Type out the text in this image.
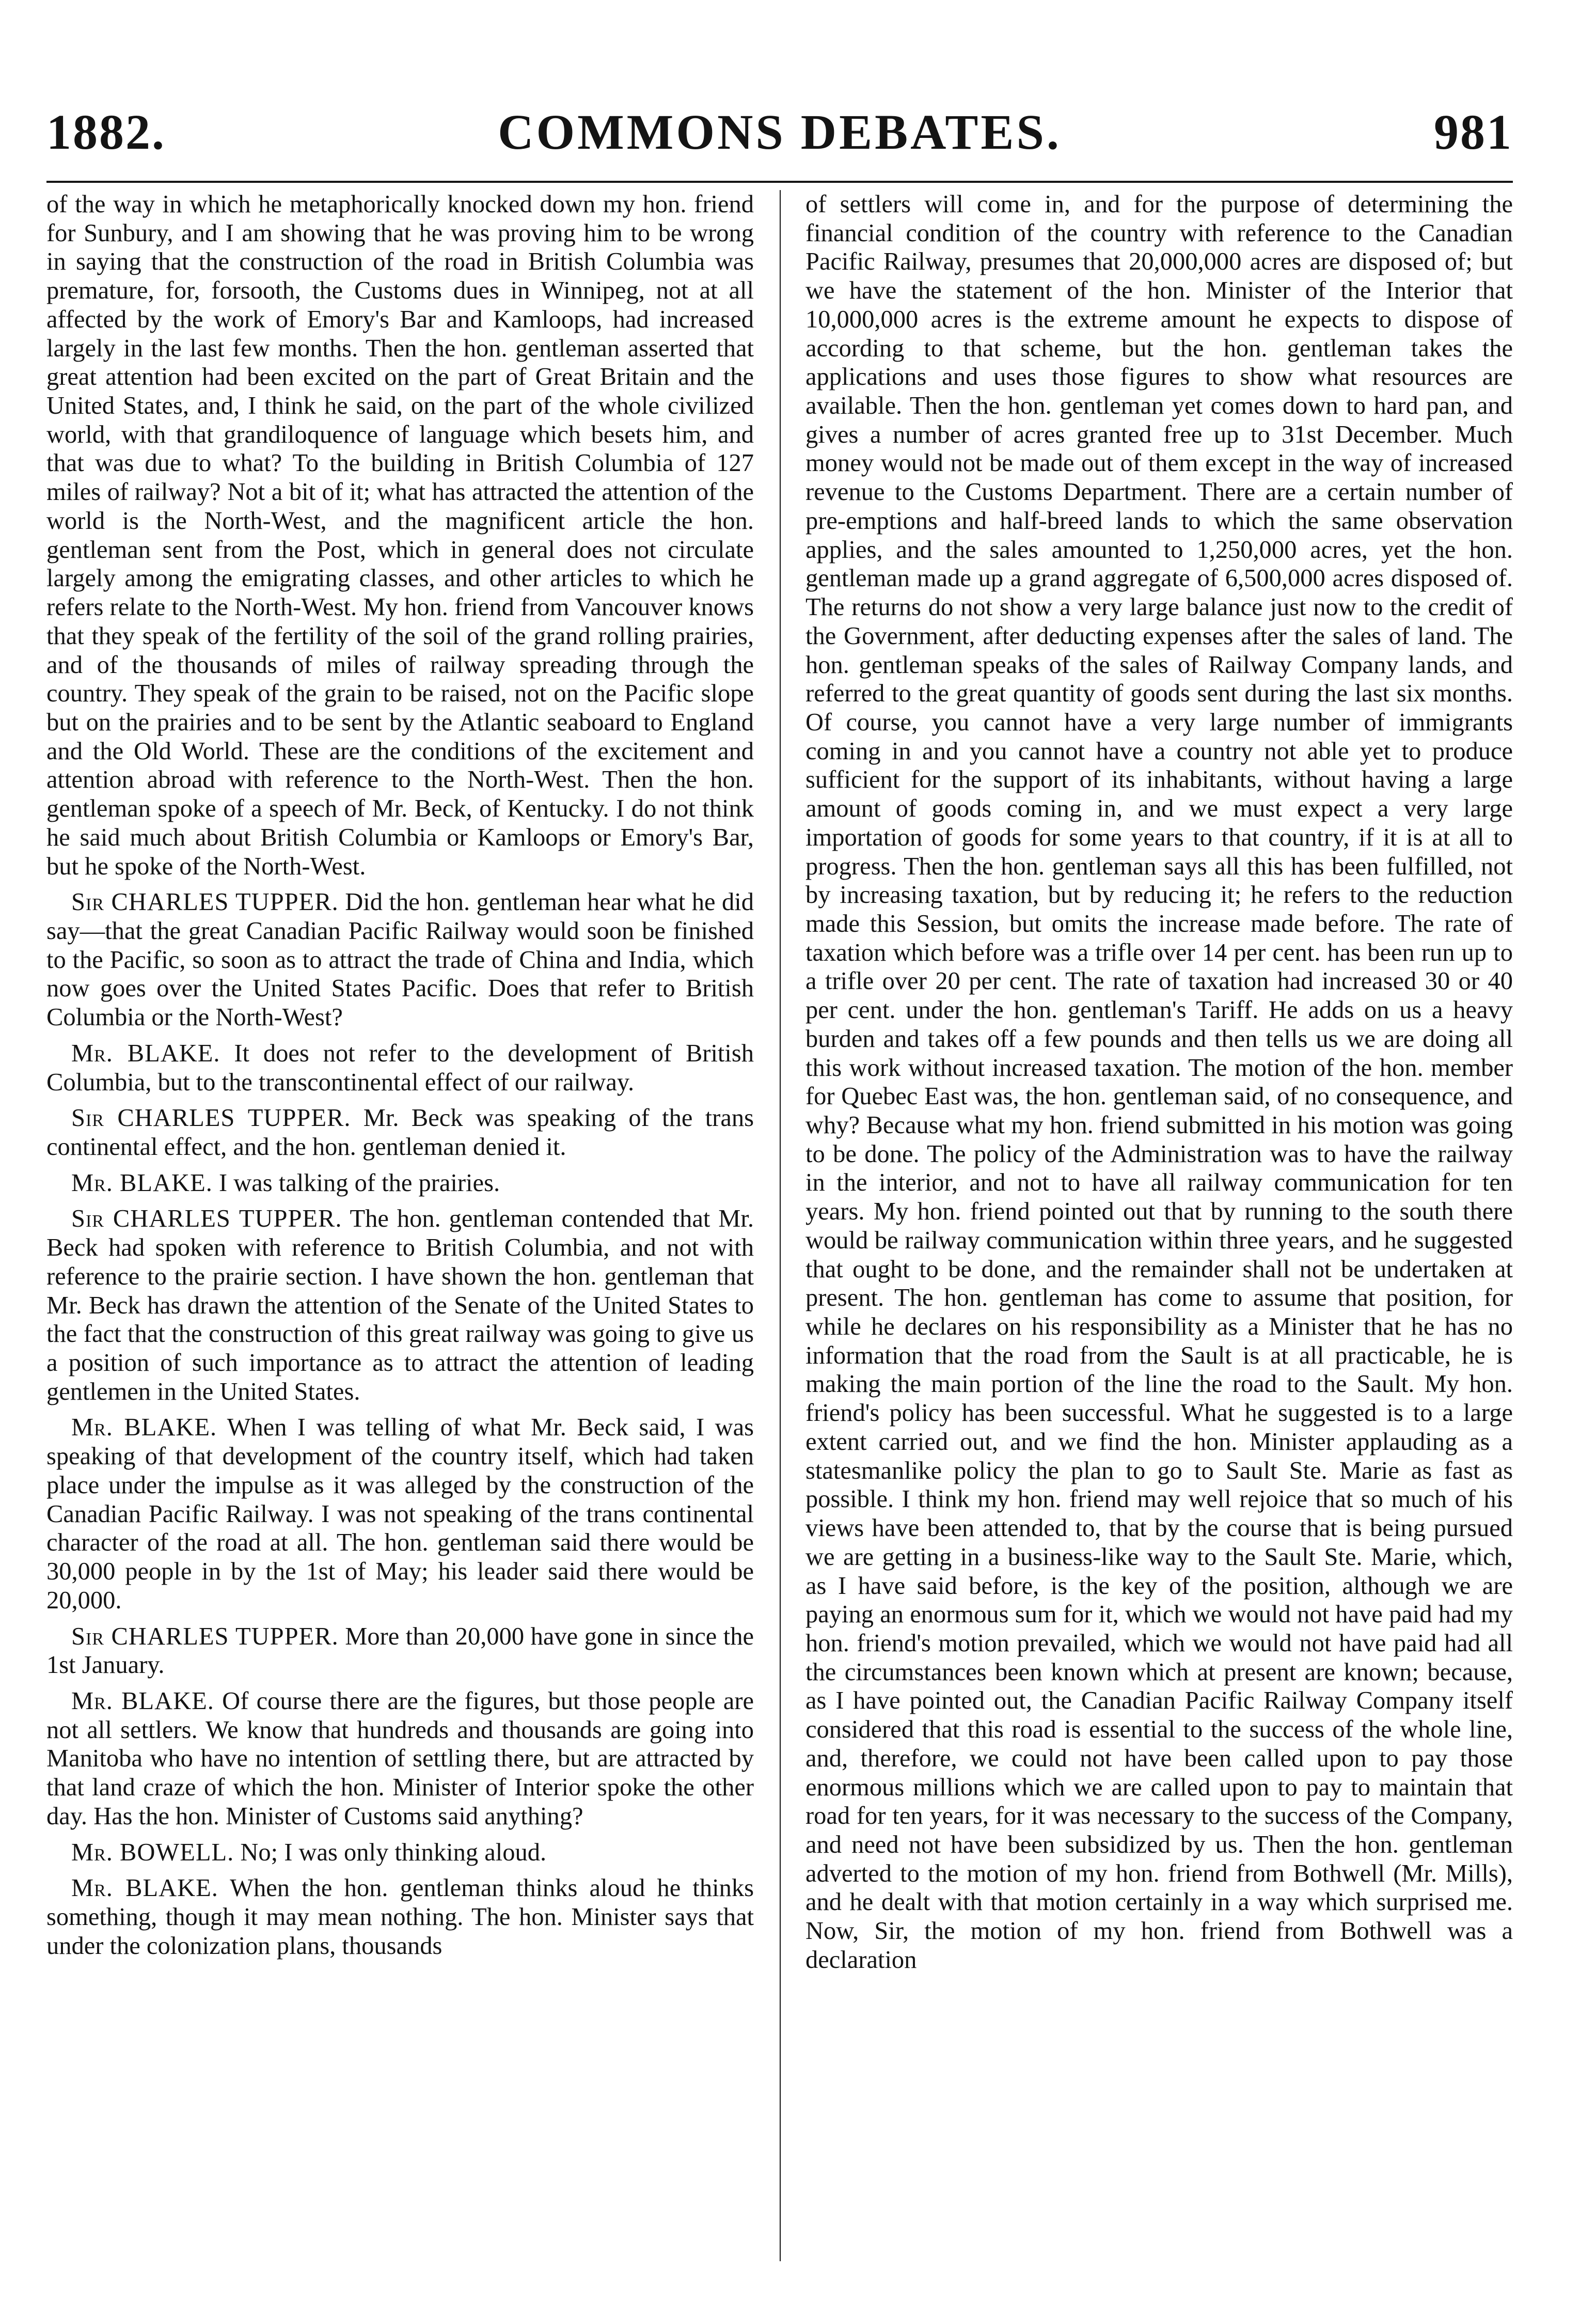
1882.	COMMONS DEBATES.	981

of the way in which he metaphorically knocked down my hon. friend for Sunbury, and I am showing that he was proving him to be wrong in saying that the construction of the road in British Columbia was premature, for, forsooth, the Customs dues in Winnipeg, not at all affected by the work of Emory's Bar and Kamloops, had increased largely in the last few months. Then the hon. gentleman asserted that great attention had been excited on the part of Great Britain and the United States, and, I think he said, on the part of the whole civilized world, with that grandiloquence of language which besets him, and that was due to what? To the building in British Columbia of 127 miles of railway? Not a bit of it; what has attracted the attention of the world is the North-West, and the magnificent article the hon. gentleman sent from the Post, which in general does not circulate largely among the emigrating classes, and other articles to which he refers relate to the North-West. My hon. friend from Vancouver knows that they speak of the fertility of the soil of the grand rolling prairies, and of the thousands of miles of railway spreading through the country. They speak of the grain to be raised, not on the Pacific slope but on the prairies and to be sent by the Atlantic seaboard to England and the Old World. These are the conditions of the excitement and attention abroad with reference to the North-West. Then the hon. gentleman spoke of a speech of Mr. Beck, of Kentucky. I do not think he said much about British Columbia or Kamloops or Emory's Bar, but he spoke of the North-West.

Sir CHARLES TUPPER. Did the hon. gentleman hear what he did say—that the great Canadian Pacific Railway would soon be finished to the Pacific, so soon as to attract the trade of China and India, which now goes over the United States Pacific. Does that refer to British Columbia or the North-West?

Mr. BLAKE. It does not refer to the development of British Columbia, but to the transcontinental effect of our railway.

Sir CHARLES TUPPER. Mr. Beck was speaking of the trans continental effect, and the hon. gentleman denied it.

Mr. BLAKE. I was talking of the prairies.

Sir CHARLES TUPPER. The hon. gentleman contended that Mr. Beck had spoken with reference to British Columbia, and not with reference to the prairie section. I have shown the hon. gentleman that Mr. Beck has drawn the attention of the Senate of the United States to the fact that the construction of this great railway was going to give us a position of such importance as to attract the attention of leading gentlemen in the United States.

Mr. BLAKE. When I was telling of what Mr. Beck said, I was speaking of that development of the country itself, which had taken place under the impulse as it was alleged by the construction of the Canadian Pacific Railway. I was not speaking of the trans continental character of the road at all. The hon. gentleman said there would be 30,000 people in by the 1st of May; his leader said there would be 20,000.

Sir CHARLES TUPPER. More than 20,000 have gone in since the 1st January.

Mr. BLAKE. Of course there are the figures, but those people are not all settlers. We know that hundreds and thousands are going into Manitoba who have no intention of settling there, but are attracted by that land craze of which the hon. Minister of Interior spoke the other day. Has the hon. Minister of Customs said anything?

Mr. BOWELL. No; I was only thinking aloud.

Mr. BLAKE. When the hon. gentleman thinks aloud he thinks something, though it may mean nothing. The hon. Minister says that under the colonization plans, thousands

of settlers will come in, and for the purpose of determining the financial condition of the country with reference to the Canadian Pacific Railway, presumes that 20,000,000 acres are disposed of; but we have the statement of the hon. Minister of the Interior that 10,000,000 acres is the extreme amount he expects to dispose of according to that scheme, but the hon. gentleman takes the applications and uses those figures to show what resources are available. Then the hon. gentleman yet comes down to hard pan, and gives a number of acres granted free up to 31st December. Much money would not be made out of them except in the way of increased revenue to the Customs Department. There are a certain number of pre-emptions and half-breed lands to which the same observation applies, and the sales amounted to 1,250,000 acres, yet the hon. gentleman made up a grand aggregate of 6,500,000 acres disposed of. The returns do not show a very large balance just now to the credit of the Government, after deducting expenses after the sales of land. The hon. gentleman speaks of the sales of Railway Company lands, and referred to the great quantity of goods sent during the last six months. Of course, you cannot have a very large number of immigrants coming in and you cannot have a country not able yet to produce sufficient for the support of its inhabitants, without having a large amount of goods coming in, and we must expect a very large importation of goods for some years to that country, if it is at all to progress. Then the hon. gentleman says all this has been fulfilled, not by increasing taxation, but by reducing it; he refers to the reduction made this Session, but omits the increase made before. The rate of taxation which before was a trifle over 14 per cent. has been run up to a trifle over 20 per cent. The rate of taxation had increased 30 or 40 per cent. under the hon. gentleman's Tariff. He adds on us a heavy burden and takes off a few pounds and then tells us we are doing all this work without increased taxation. The motion of the hon. member for Quebec East was, the hon. gentleman said, of no consequence, and why? Because what my hon. friend submitted in his motion was going to be done. The policy of the Administration was to have the railway in the interior, and not to have all railway communication for ten years. My hon. friend pointed out that by running to the south there would be railway communication within three years, and he suggested that ought to be done, and the remainder shall not be undertaken at present. The hon. gentleman has come to assume that position, for while he declares on his responsibility as a Minister that he has no information that the road from the Sault is at all practicable, he is making the main portion of the line the road to the Sault. My hon. friend's policy has been successful. What he suggested is to a large extent carried out, and we find the hon. Minister applauding as a statesmanlike policy the plan to go to Sault Ste. Marie as fast as possible. I think my hon. friend may well rejoice that so much of his views have been attended to, that by the course that is being pursued we are getting in a business-like way to the Sault Ste. Marie, which, as I have said before, is the key of the position, although we are paying an enormous sum for it, which we would not have paid had my hon. friend's motion prevailed, which we would not have paid had all the circumstances been known which at present are known; because, as I have pointed out, the Canadian Pacific Railway Company itself considered that this road is essential to the success of the whole line, and, therefore, we could not have been called upon to pay those enormous millions which we are called upon to pay to maintain that road for ten years, for it was necessary to the success of the Company, and need not have been subsidized by us. Then the hon. gentleman adverted to the motion of my hon. friend from Bothwell (Mr. Mills), and he dealt with that motion certainly in a way which surprised me. Now, Sir, the motion of my hon. friend from Bothwell was a declaration
